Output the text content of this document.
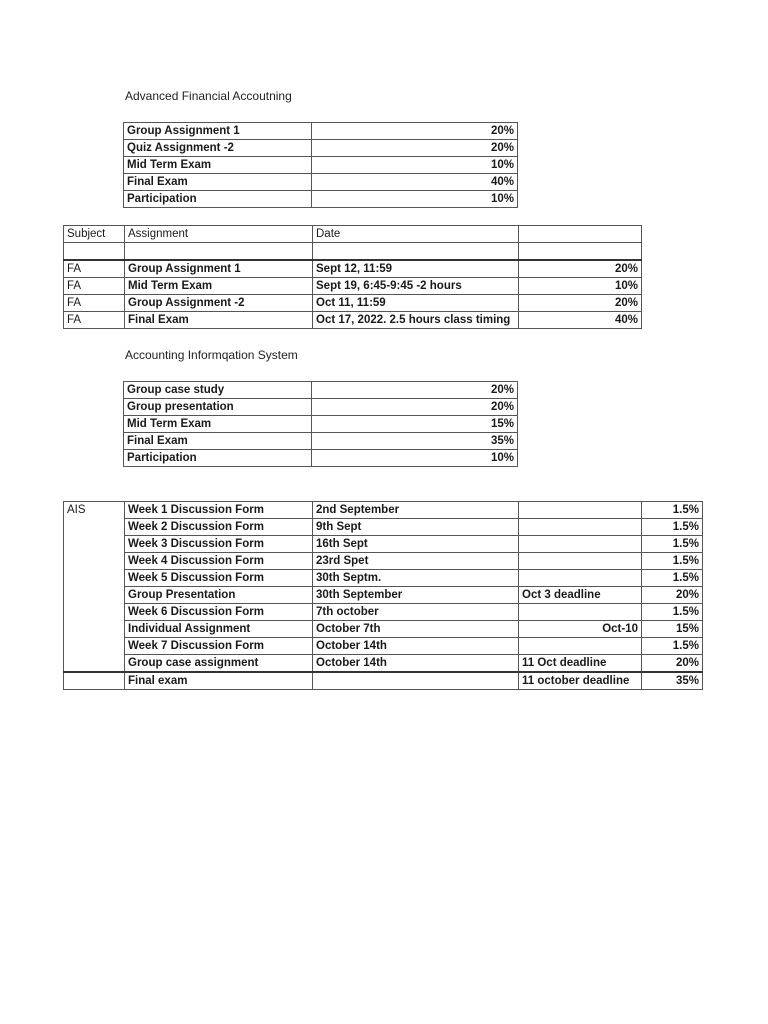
Advanced Financial Accoutning
Group Assignment 1	20%
Quiz Assignment -2	20%
Mid Term Exam	10%
Final Exam	40%
Participation	10%
Subject	Assignment	Date	

FA	Group Assignment 1	Sept 12, 11:59	20%
FA	Mid Term Exam	Sept 19, 6:45-9:45 -2 hours	10%
FA	Group Assignment -2	Oct 11, 11:59	20%
FA	Final Exam	Oct 17, 2022. 2.5 hours class timing	40%
Accounting Informqation System
Group case study	20%
Group presentation	20%
Mid Term Exam	15%
Final Exam	35%
Participation	10%
AIS	Week 1 Discussion Form	2nd September		1.5%
	Week 2 Discussion Form	9th Sept		1.5%
	Week 3 Discussion Form	16th Sept		1.5%
	Week 4 Discussion Form	23rd Spet		1.5%
	Week 5 Discussion Form	30th Septm.		1.5%
	Group Presentation	30th September	Oct 3 deadline	20%
	Week 6 Discussion Form	7th october		1.5%
	Individual Assignment	October 7th	Oct-10	15%
	Week 7 Discussion Form	October 14th		1.5%
	Group case assignment	October 14th	11 Oct deadline	20%
	Final exam		11 october deadline	35%
